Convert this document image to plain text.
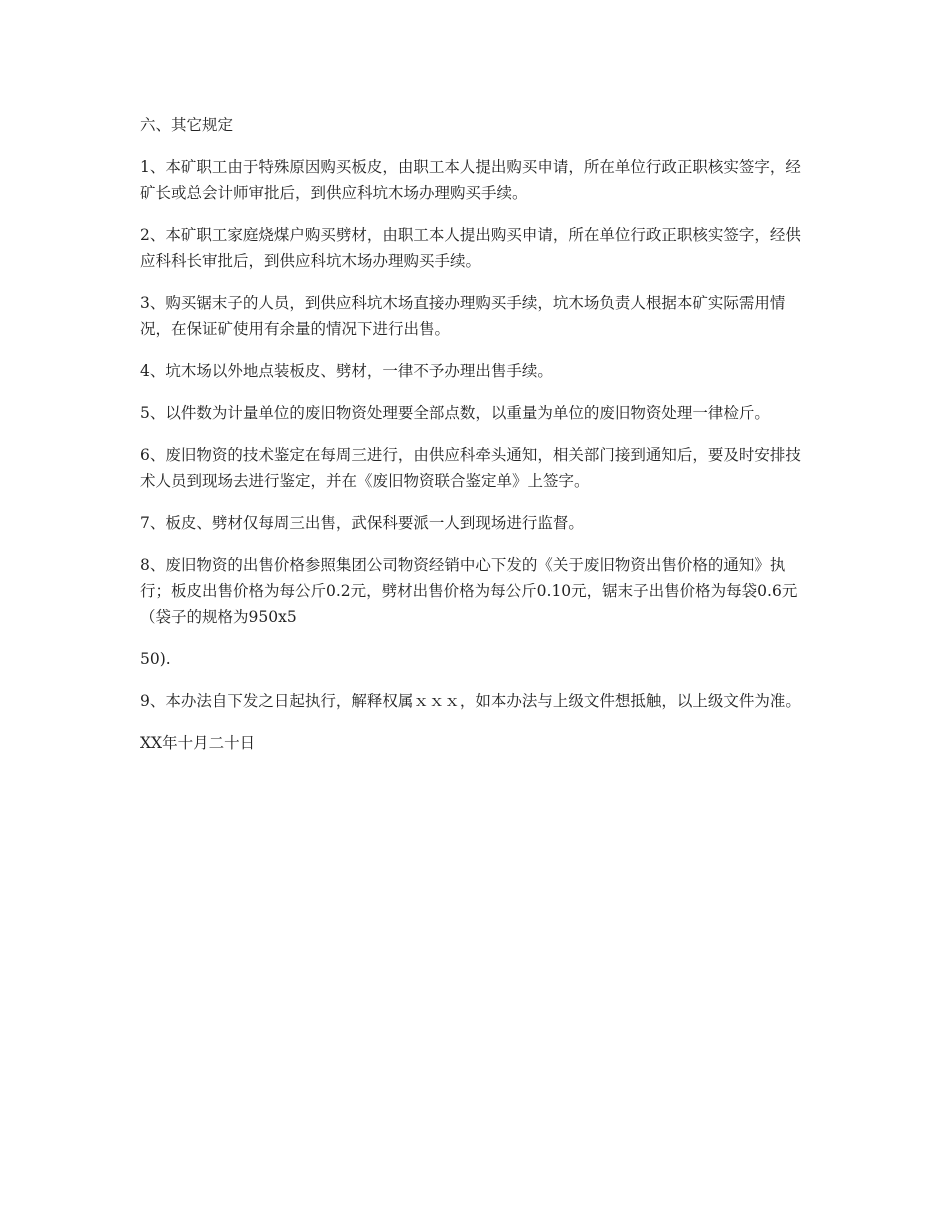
六、其它规定

1、本矿职工由于特殊原因购买板皮，由职工本人提出购买申请，所在单位行政正职核实签字，经矿长或总会计师审批后，到供应科坑木场办理购买手续。

2、本矿职工家庭烧煤户购买劈材，由职工本人提出购买申请，所在单位行政正职核实签字，经供应科科长审批后，到供应科坑木场办理购买手续。

3、购买锯末子的人员，到供应科坑木场直接办理购买手续，坑木场负责人根据本矿实际需用情况，在保证矿使用有余量的情况下进行出售。

4、坑木场以外地点装板皮、劈材，一律不予办理出售手续。

5、以件数为计量单位的废旧物资处理要全部点数，以重量为单位的废旧物资处理一律检斤。

6、废旧物资的技术鉴定在每周三进行，由供应科牵头通知，相关部门接到通知后，要及时安排技术人员到现场去进行鉴定，并在《废旧物资联合鉴定单》上签字。

7、板皮、劈材仅每周三出售，武保科要派一人到现场进行监督。

8、废旧物资的出售价格参照集团公司物资经销中心下发的《关于废旧物资出售价格的通知》执行；板皮出售价格为每公斤0.2元，劈材出售价格为每公斤0.10元，锯末子出售价格为每袋0.6元（袋子的规格为950x5

50).

9、本办法自下发之日起执行，解释权属ｘｘｘ，如本办法与上级文件想抵触，以上级文件为准。

XX年十月二十日
